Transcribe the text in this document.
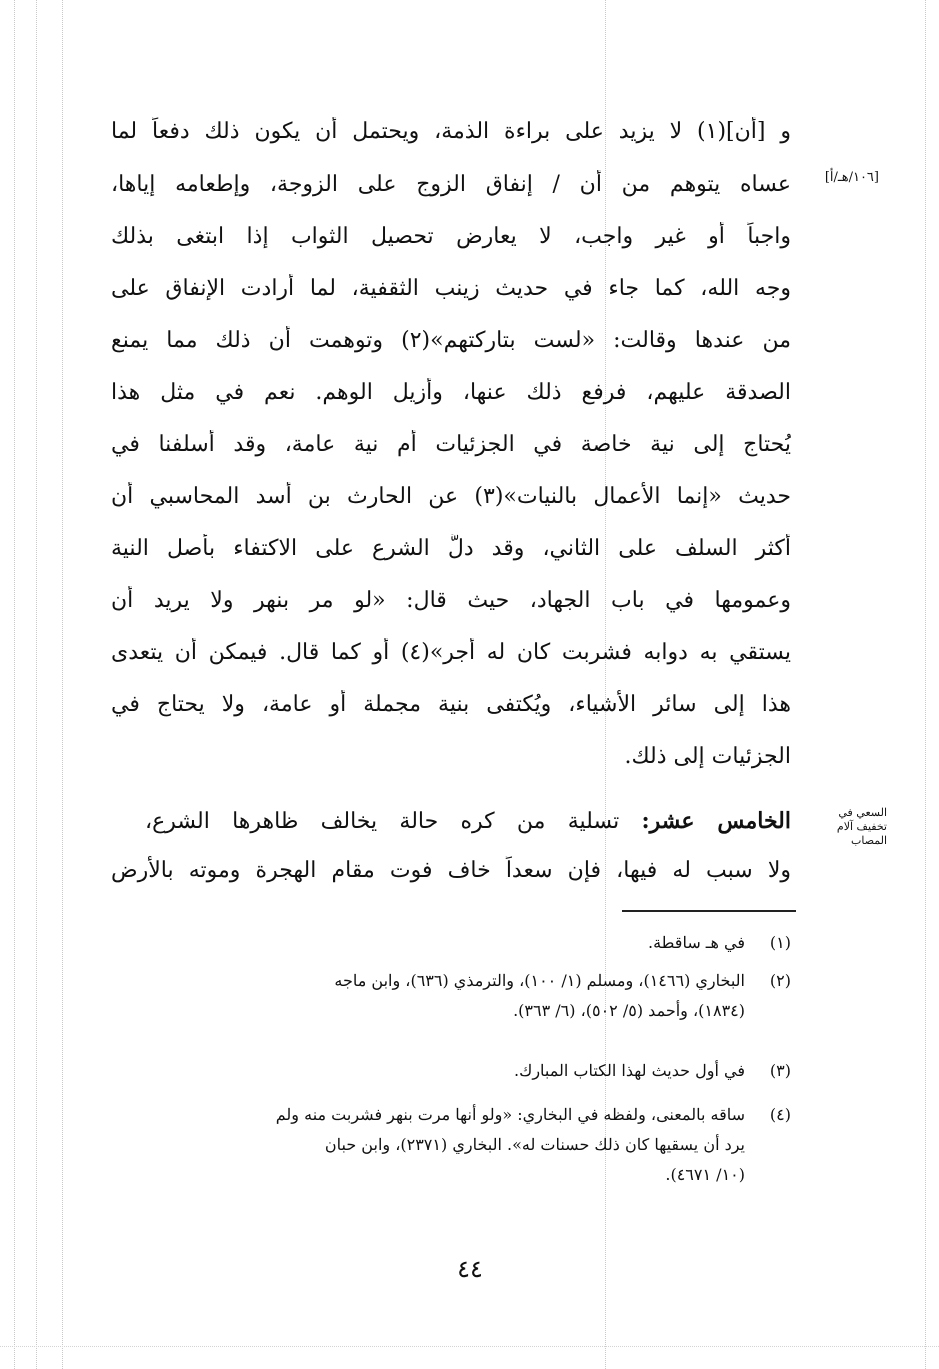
[١٠٦/هـ/أ]
السعي في
تخفيف آلام
المصاب
و [أن](١) لا يزيد على براءة الذمة، ويحتمل أن يكون ذلك دفعاً لما
عساه يتوهم من أن / إنفاق الزوج على الزوجة، وإطعامه إياها،
واجباً أو غير واجب، لا يعارض تحصيل الثواب إذا ابتغى بذلك
وجه الله، كما جاء في حديث زينب الثقفية، لما أرادت الإنفاق على
من عندها وقالت: «لست بتاركتهم»(٢) وتوهمت أن ذلك مما يمنع
الصدقة عليهم، فرفع ذلك عنها، وأزيل الوهم. نعم في مثل هذا
يُحتاج إلى نية خاصة في الجزئيات أم نية عامة، وقد أسلفنا في
حديث «إنما الأعمال بالنيات»(٣) عن الحارث بن أسد المحاسبي أن
أكثر السلف على الثاني، وقد دلَّ الشرع على الاكتفاء بأصل النية
وعمومها في باب الجهاد، حيث قال: «لو مر بنهر ولا يريد أن
يستقي به دوابه فشربت كان له أجر»(٤) أو كما قال. فيمكن أن يتعدى
هذا إلى سائر الأشياء، ويُكتفى بنية مجملة أو عامة، ولا يحتاج في
الجزئيات إلى ذلك.
الخامس عشر: تسلية من كره حالة يخالف ظاهرها الشرع،
ولا سبب له فيها، فإن سعداً خاف فوت مقام الهجرة وموته بالأرض
(١)
في هـ ساقطة.
(٢)
البخاري (١٤٦٦)، ومسلم (١/ ١٠٠)، والترمذي (٦٣٦)، وابن ماجه
(١٨٣٤)، وأحمد (٥/ ٥٠٢)، (٦/ ٣٦٣).
(٣)
في أول حديث لهذا الكتاب المبارك.
(٤)
ساقه بالمعنى، ولفظه في البخاري: «ولو أنها مرت بنهر فشربت منه ولم
يرد أن يسقيها كان ذلك حسنات له». البخاري (٢٣٧١)، وابن حبان
(١٠/ ٤٦٧١).
٤٤
